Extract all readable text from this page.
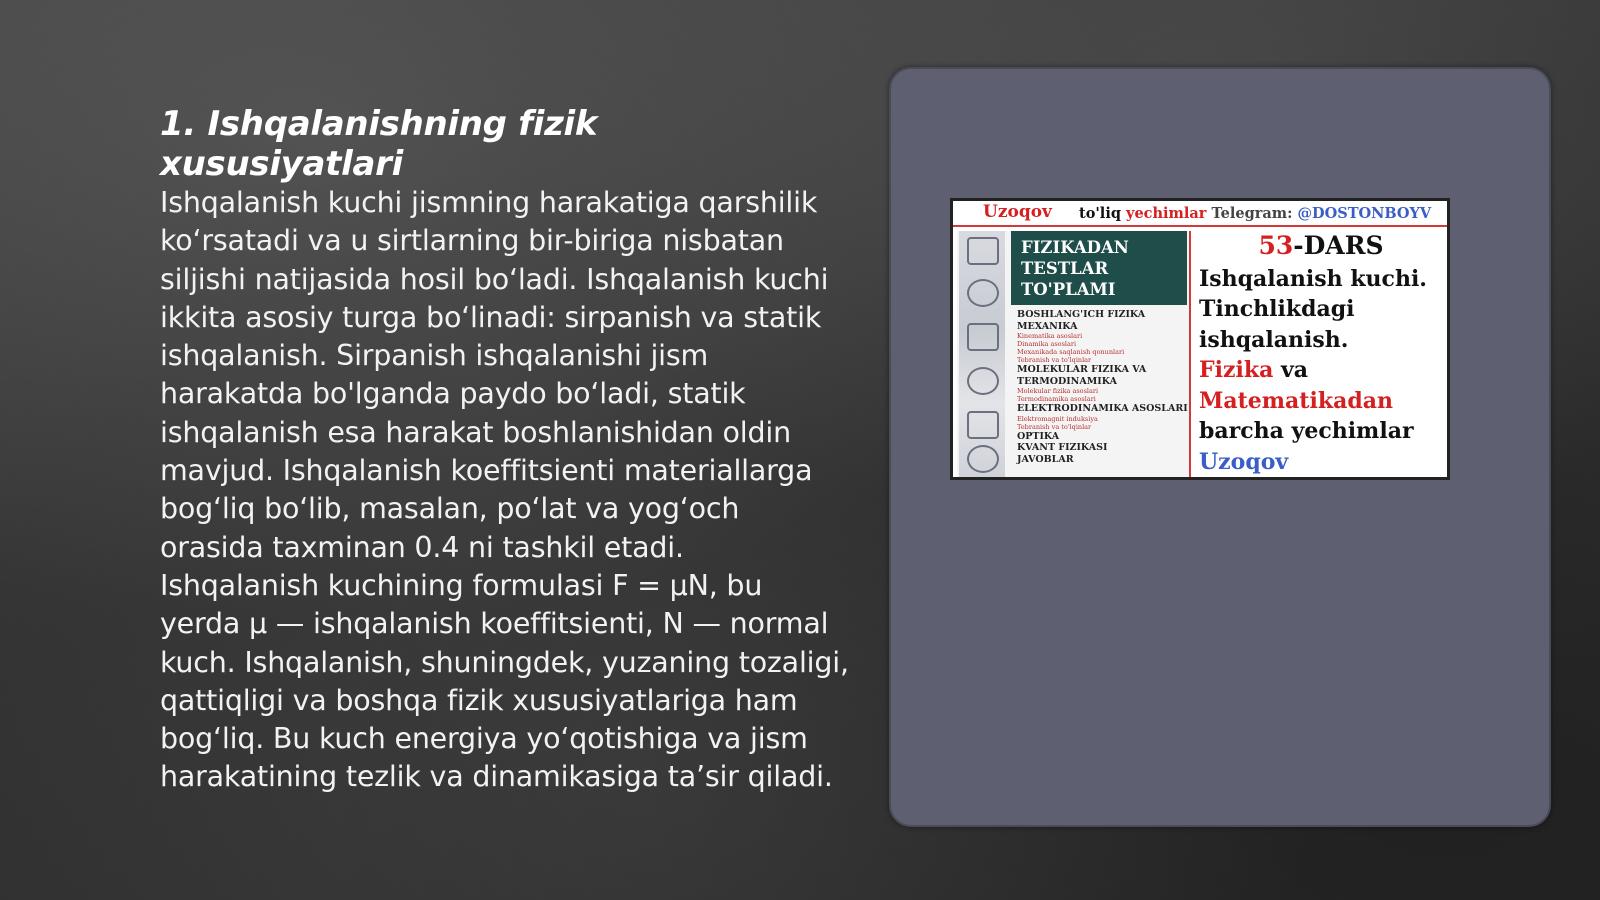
1. Ishqalanishning fizik xususiyatlari

Ishqalanish kuchi jismning harakatiga qarshilik ko‘rsatadi va u sirtlarning bir-biriga nisbatan siljishi natijasida hosil bo‘ladi. Ishqalanish kuchi ikkita asosiy turga bo‘linadi: sirpanish va statik ishqalanish. Sirpanish ishqalanishi jism harakatda bo'lganda paydo bo‘ladi, statik ishqalanish esa harakat boshlanishidan oldin mavjud. Ishqalanish koeffitsienti materiallarga bog‘liq bo‘lib, masalan, po‘lat va yog‘och orasida taxminan 0.4 ni tashkil etadi. Ishqalanish kuchining formulasi F = μN, bu yerda μ — ishqalanish koeffitsienti, N — normal kuch. Ishqalanish, shuningdek, yuzaning tozaligi, qattiqligi va boshqa fizik xususiyatlariga ham bog‘liq. Bu kuch energiya yo‘qotishiga va jism harakatining tezlik va dinamikasiga ta’sir qiladi.

Uzoqov to'liq yechimlar Telegram: @DOSTONBOYV
FIZIKADAN
TESTLAR
TO'PLAMI
BOSHLANG'ICH FIZIKA
MEXANIKA
Kinematika asoslari
Dinamika asoslari
Mexanikada saqlanish qonunlari
Tebranish va to'lqinlar
MOLEKULAR FIZIKA VA TERMODINAMIKA
Molekular fizika asoslari
Termodinamika asoslari
ELEKTRODINAMIKA ASOSLARI
Elektromagnit induksiya
Tebranish va to'lqinlar
OPTIKA
KVANT FIZIKASI
JAVOBLAR
53-DARS
Ishqalanish kuchi.
Tinchlikdagi
ishqalanish.
Fizika va
Matematikadan
barcha yechimlar
Uzoqov
